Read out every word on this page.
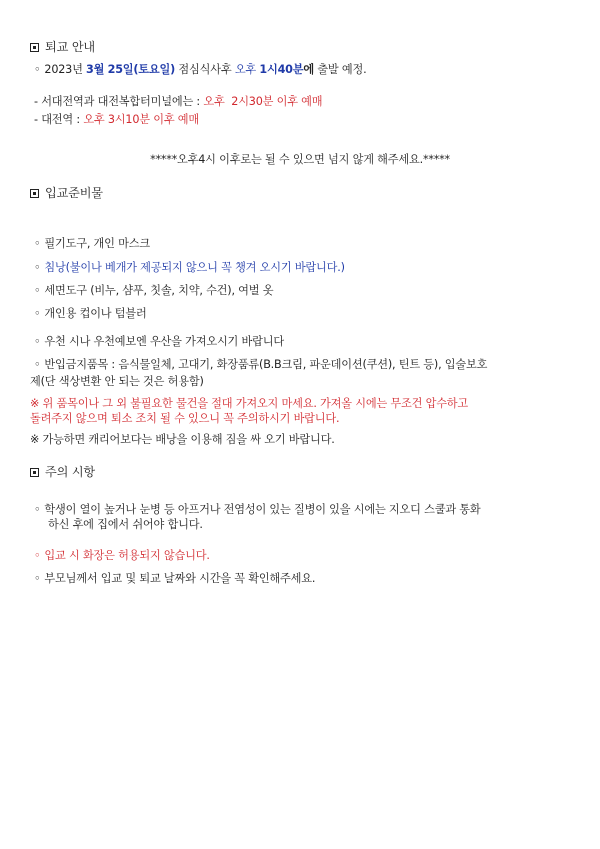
퇴교 안내
◦ 2023년 3월 25일(토요일) 점심식사후 오후 1시40분에 출발 예정.
- 서대전역과 대전복합터미널에는 : 오후  2시30분 이후 예매
- 대전역 : 오후 3시10분 이후 예매
*****오후4시 이후로는 될 수 있으면 넘지 않게 해주세요.*****
입교준비물
◦ 필기도구, 개인 마스크
◦ 침낭(불이나 베개가 제공되지 않으니 꼭 챙겨 오시기 바랍니다.)
◦ 세면도구 (비누, 샴푸, 칫솔, 치약, 수건), 여벌 옷
◦ 개인용 컵이나 텀블러
◦ 우천 시나 우천예보엔 우산을 가져오시기 바랍니다
◦ 반입금지품목 : 음식물일체, 고대기, 화장품류(B.B크림, 파운데이션(쿠션), 틴트 등), 입술보호
제(단 색상변환 안 되는 것은 허용함)
※ 위 품목이나 그 외 불필요한 물건을 절대 가져오지 마세요. 가져올 시에는 무조건 압수하고
돌려주지 않으며 퇴소 조치 될 수 있으니 꼭 주의하시기 바랍니다.
※ 가능하면 캐리어보다는 배낭을 이용해 짐을 싸 오기 바랍니다.
주의 시항
◦ 학생이 열이 높거나 눈병 등 아프거나 전염성이 있는 질병이 있을 시에는 지오디 스쿨과 통화
하신 후에 집에서 쉬어야 합니다.
◦ 입교 시 화장은 허용되지 않습니다.
◦ 부모님께서 입교 및 퇴교 날짜와 시간을 꼭 확인해주세요.
